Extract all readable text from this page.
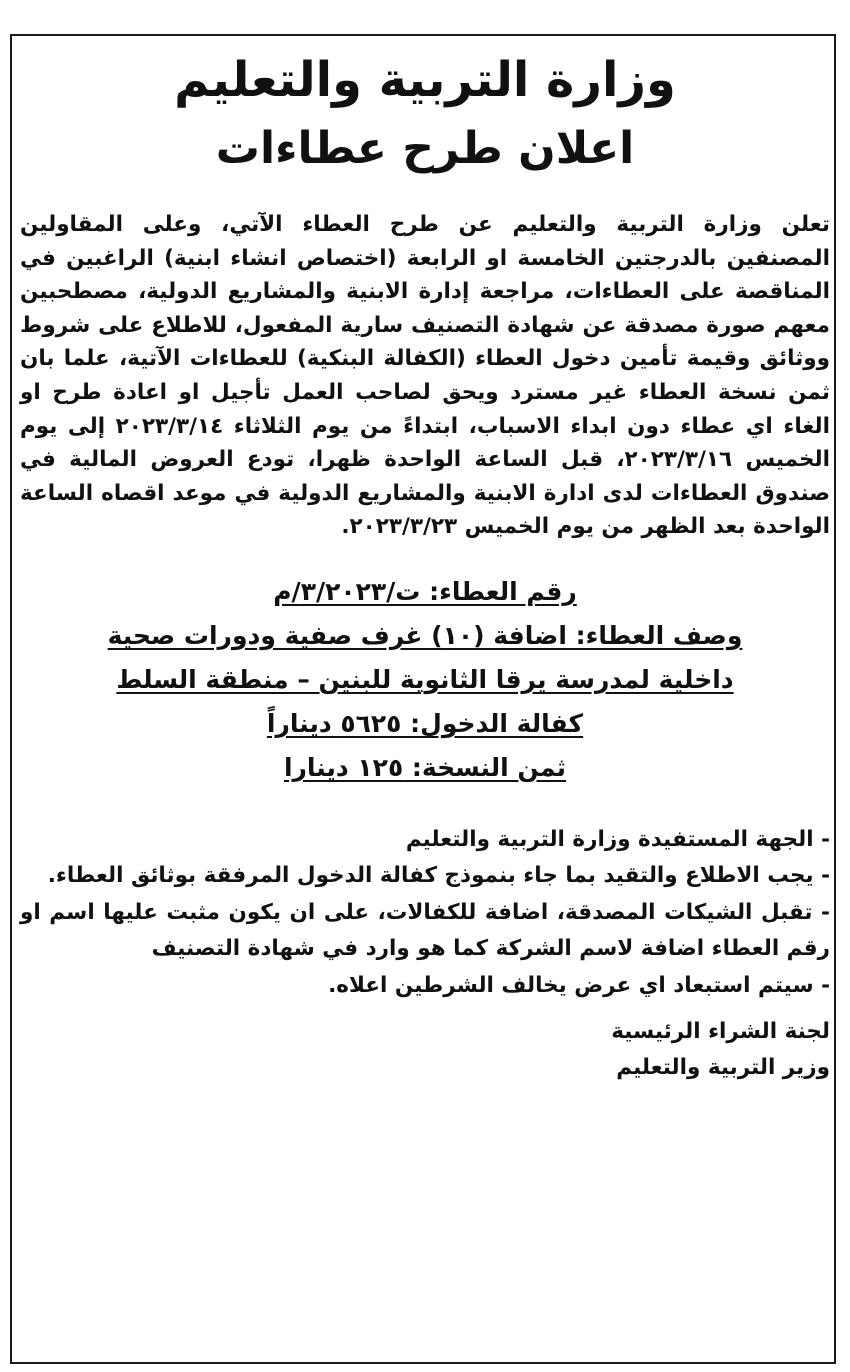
وزارة التربية والتعليم
اعلان طرح عطاءات

تعلن وزارة التربية والتعليم عن طرح العطاء الآتي، وعلى المقاولين المصنفين بالدرجتين الخامسة او الرابعة (اختصاص انشاء ابنية) الراغبين في المناقصة على العطاءات، مراجعة إدارة الابنية والمشاريع الدولية، مصطحبين معهم صورة مصدقة عن شهادة التصنيف سارية المفعول، للاطلاع على شروط ووثائق وقيمة تأمين دخول العطاء (الكفالة البنكية) للعطاءات الآتية، علما بان ثمن نسخة العطاء غير مسترد ويحق لصاحب العمل تأجيل او اعادة طرح او الغاء اي عطاء دون ابداء الاسباب، ابتداءً من يوم الثلاثاء ٢٠٢٣/٣/١٤ إلى يوم الخميس ٢٠٢٣/٣/١٦، قبل الساعة الواحدة ظهرا، تودع العروض المالية في صندوق العطاءات لدى ادارة الابنية والمشاريع الدولية في موعد اقصاه الساعة الواحدة بعد الظهر من يوم الخميس ٢٠٢٣/٣/٢٣.

رقم العطاء: ت/٣/٢٠٢٣/م
وصف العطاء: اضافة (١٠) غرف صفية ودورات صحية
داخلية لمدرسة يرقا الثانوية للبنين – منطقة السلط
كفالة الدخول: ٥٦٢٥ ديناراً
ثمن النسخة: ١٢٥ دينارا

- الجهة المستفيدة وزارة التربية والتعليم

- يجب الاطلاع والتقيد بما جاء بنموذج كفالة الدخول المرفقة بوثائق العطاء.

- تقبل الشيكات المصدقة، اضافة للكفالات، على ان يكون مثبت عليها اسم او رقم العطاء اضافة لاسم الشركة كما هو وارد في شهادة التصنيف

- سيتم استبعاد اي عرض يخالف الشرطين اعلاه.

لجنة الشراء الرئيسية

وزير التربية والتعليم
